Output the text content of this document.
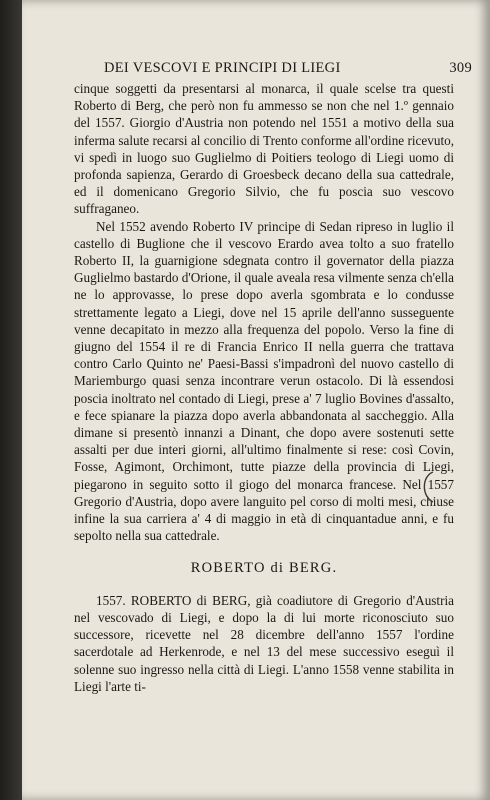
DEI VESCOVI E PRINCIPI DI LIEGI	309

cinque soggetti da presentarsi al monarca, il quale scelse tra questi Roberto di Berg, che però non fu ammesso se non che nel 1.º gennaio del 1557. Giorgio d'Austria non potendo nel 1551 a motivo della sua inferma salute recarsi al concilio di Trento conforme all'ordine ricevuto, vi spedì in luogo suo Guglielmo di Poitiers teologo di Liegi uomo di profonda sapienza, Gerardo di Groesbeck decano della sua cattedrale, ed il domenicano Gregorio Silvio, che fu poscia suo vescovo suffraganeo.

Nel 1552 avendo Roberto IV principe di Sedan ripreso in luglio il castello di Buglione che il vescovo Erardo avea tolto a suo fratello Roberto II, la guarnigione sdegnata contro il governator della piazza Guglielmo bastardo d'Orione, il quale aveala resa vilmente senza ch'ella ne lo approvasse, lo prese dopo averla sgombrata e lo condusse strettamente legato a Liegi, dove nel 15 aprile dell'anno susseguente venne decapitato in mezzo alla frequenza del popolo. Verso la fine di giugno del 1554 il re di Francia Enrico II nella guerra che trattava contro Carlo Quinto ne' Paesi-Bassi s'impadronì del nuovo castello di Mariemburgo quasi senza incontrare verun ostacolo. Di là essendosi poscia inoltrato nel contado di Liegi, prese a' 7 luglio Bovines d'assalto, e fece spianare la piazza dopo averla abbandonata al saccheggio. Alla dimane si presentò innanzi a Dinant, che dopo avere sostenuti sette assalti per due interi giorni, all'ultimo finalmente si rese: così Covin, Fosse, Agimont, Orchimont, tutte piazze della provincia di Liegi, piegarono in seguito sotto il giogo del monarca francese. Nel 1557 Gregorio d'Austria, dopo avere languito pel corso di molti mesi, chiuse infine la sua carriera a' 4 di maggio in età di cinquantadue anni, e fu sepolto nella sua cattedrale.

ROBERTO di BERG.

1557. ROBERTO di BERG, già coadiutore di Gregorio d'Austria nel vescovado di Liegi, e dopo la di lui morte riconosciuto suo successore, ricevette nel 28 dicembre dell'anno 1557 l'ordine sacerdotale ad Herkenrode, e nel 13 del mese successivo eseguì il solenne suo ingresso nella città di Liegi. L'anno 1558 venne stabilita in Liegi l'arte ti-
